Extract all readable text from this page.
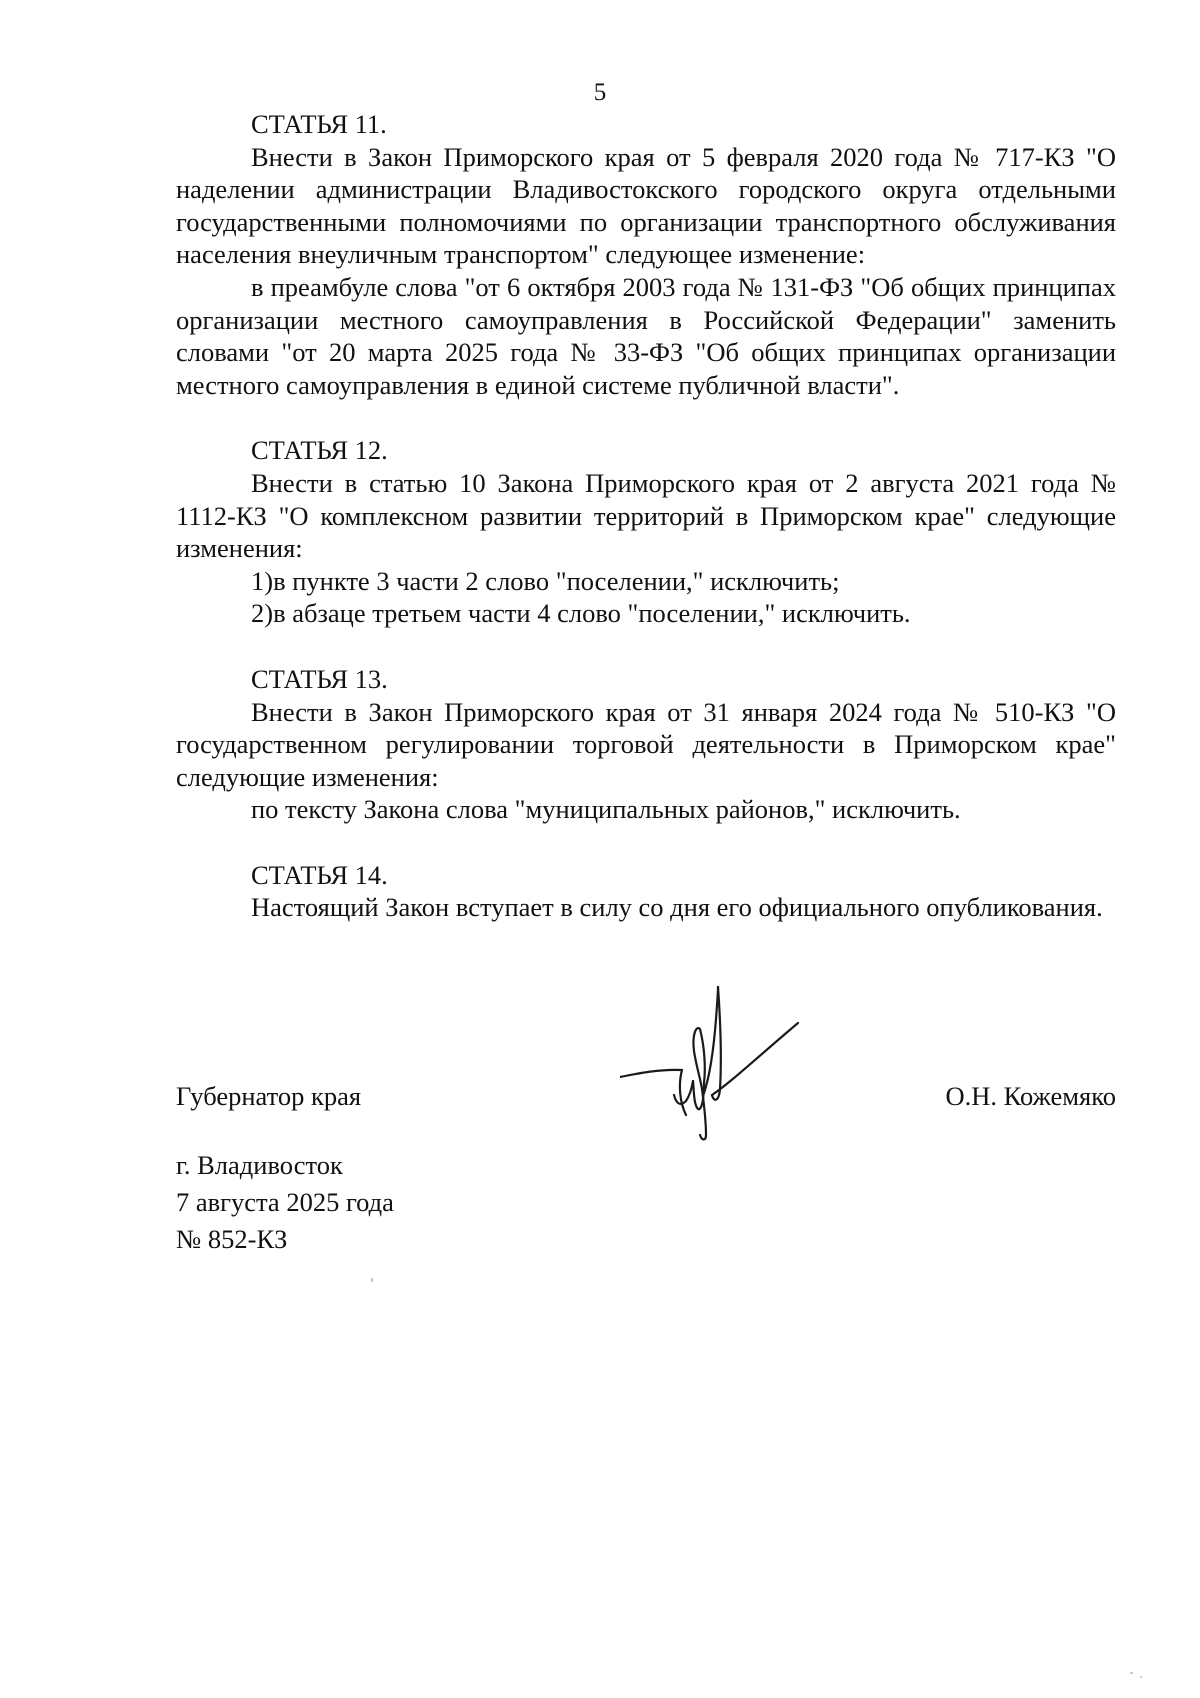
5
СТАТЬЯ 11.
Внести в Закон Приморского края от 5 февраля 2020 года № 717-КЗ "О наделении администрации Владивостокского городского округа отдельными государственными полномочиями по организации транспортного обслуживания населения внеуличным транспортом" следующее изменение:
в преамбуле слова "от 6 октября 2003 года № 131-ФЗ "Об общих принципах организации местного самоуправления в Российской Федерации" заменить словами "от 20 марта 2025 года № 33-ФЗ "Об общих принципах организации местного самоуправления в единой системе публичной власти".
СТАТЬЯ 12.
Внести в статью 10 Закона Приморского края от 2 августа 2021 года № 1112-КЗ "О комплексном развитии территорий в Приморском крае" следующие изменения:
1)в пункте 3 части 2 слово "поселении," исключить;
2)в абзаце третьем части 4 слово "поселении," исключить.
СТАТЬЯ 13.
Внести в Закон Приморского края от 31 января 2024 года № 510-КЗ "О государственном регулировании торговой деятельности в Приморском крае" следующие изменения:
по тексту Закона слова "муниципальных районов," исключить.
СТАТЬЯ 14.
Настоящий Закон вступает в силу со дня его официального опубликования.
Губернатор края	О.Н. Кожемяко
г. Владивосток
7 августа 2025 года
№ 852-КЗ
